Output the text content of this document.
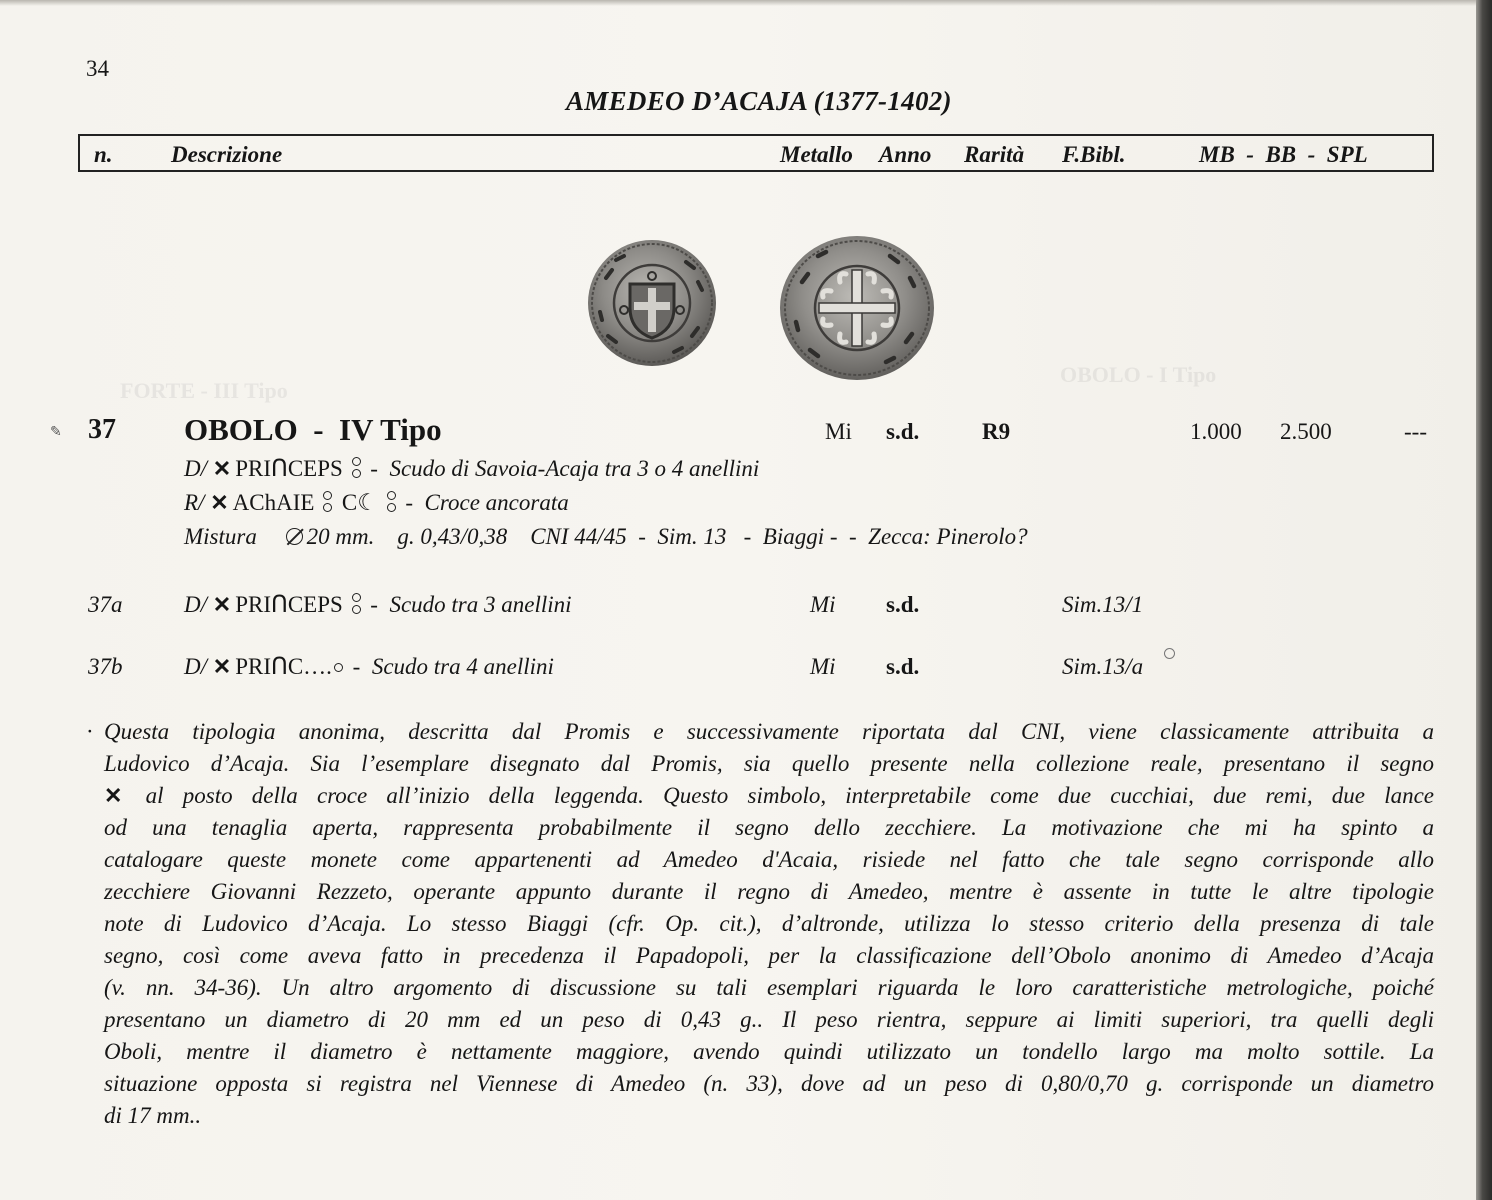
OBOLO - I Tipo
FORTE - III Tipo
34
AMEDEO D’ACAJA (1377-1402)
n.	Descrizione	Metallo Anno Rarità F.Bibl.	MB  -  BB  -  SPL
✎ 37 OBOLO  -  IV Tipo	Mi s.d.	R9	1.000 2.500	---
D/ ✕ PRIᑎCEPS -  Scudo di Savoia-Acaja tra 3 o 4 anellini
R/ ✕ AChAIE C☾ -  Croce ancorata
Mistura 20 mm. g. 0,43/0,38 CNI 44/45  -  Sim. 13   -  Biaggi -  -  Zecca: Pinerolo?
37a	D/ ✕ PRIᑎCEPS -  Scudo tra 3 anellini	Mi s.d.	Sim.13/1
37b	D/ ✕ PRIᑎC…. -  Scudo tra 4 anellini	Mi s.d.	Sim.13/a
· Questa tipologia anonima, descritta dal Promis e successivamente riportata dal CNI, viene classicamente attribuita a
Ludovico d’Acaja. Sia l’esemplare disegnato dal Promis, sia quello presente nella collezione reale, presentano il segno
✕ al posto della croce all’inizio della leggenda. Questo simbolo, interpretabile come due cucchiai, due remi, due lance
od una tenaglia aperta, rappresenta probabilmente il segno dello zecchiere. La motivazione che mi ha spinto a
catalogare queste monete come appartenenti ad Amedeo d'Acaia, risiede nel fatto che tale segno corrisponde allo
zecchiere Giovanni Rezzeto, operante appunto durante il regno di Amedeo, mentre è assente in tutte le altre tipologie
note di Ludovico d’Acaja. Lo stesso Biaggi (cfr. Op. cit.), d’altronde, utilizza lo stesso criterio della presenza di tale
segno, così come aveva fatto in precedenza il Papadopoli, per la classificazione dell’Obolo anonimo di Amedeo d’Acaja
(v. nn. 34-36). Un altro argomento di discussione su tali esemplari riguarda le loro caratteristiche metrologiche, poiché
presentano un diametro di 20 mm ed un peso di 0,43 g.. Il peso rientra, seppure ai limiti superiori, tra quelli degli
Oboli, mentre il diametro è nettamente maggiore, avendo quindi utilizzato un tondello largo ma molto sottile. La
situazione opposta si registra nel Viennese di Amedeo (n. 33), dove ad un peso di 0,80/0,70 g. corrisponde un diametro
di 17 mm..
